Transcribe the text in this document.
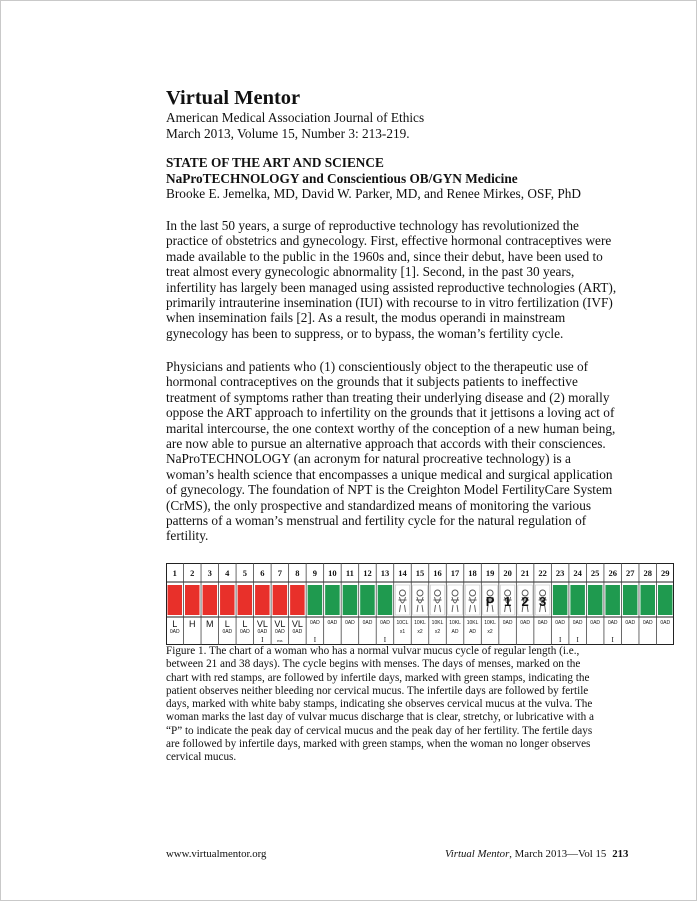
Virtual Mentor
American Medical Association Journal of Ethics
March 2013, Volume 15, Number 3: 213-219.
STATE OF THE ART AND SCIENCE
NaProTECHNOLOGY and Conscientious OB/GYN Medicine
Brooke E. Jemelka, MD, David W. Parker, MD, and Renee Mirkes, OSF, PhD
In the last 50 years, a surge of reproductive technology has revolutionized the
practice of obstetrics and gynecology. First, effective hormonal contraceptives were
made available to the public in the 1960s and, since their debut, have been used to
treat almost every gynecologic abnormality [1]. Second, in the past 30 years,
infertility has largely been managed using assisted reproductive technologies (ART),
primarily intrauterine insemination (IUI) with recourse to in vitro fertilization (IVF)
when insemination fails [2]. As a result, the modus operandi in mainstream
gynecology has been to suppress, or to bypass, the woman’s fertility cycle.
Physicians and patients who (1) conscientiously object to the therapeutic use of
hormonal contraceptives on the grounds that it subjects patients to ineffective
treatment of symptoms rather than treating their underlying disease and (2) morally
oppose the ART approach to infertility on the grounds that it jettisons a loving act of
marital intercourse, the one context worthy of the conception of a new human being,
are now able to pursue an alternative approach that accords with their consciences.
NaProTECHNOLOGY (an acronym for natural procreative technology) is a
woman’s health science that encompasses a unique medical and surgical application
of gynecology. The foundation of NPT is the Creighton Model FertilityCare System
(CrMS), the only prospective and standardized means of monitoring the various
patterns of a woman’s menstrual and fertility cycle for the natural regulation of
fertility.
1
L
0AD
2
H
3
M
4
L
0AD
5
L
0AD
6
VL
0AD
I
7
VL
0AD
ms
8
VL
0AD
9
0AD
I
10
0AD
11
0AD
12
0AD
13
0AD
I
14
10CL
x1
15
10KL
x2
16
10KL
x2
17
10KL
AD
18
10KL
AD
19
P
10KL
x2
20
1
0AD
21
2
0AD
22
3
0AD
23
0AD
I
24
0AD
I
25
0AD
26
0AD
I
27
0AD
28
0AD
29
0AD
Figure 1. The chart of a woman who has a normal vulvar mucus cycle of regular length (i.e.,
between 21 and 38 days). The cycle begins with menses. The days of menses, marked on the
chart with red stamps, are followed by infertile days, marked with green stamps, indicating the
patient observes neither bleeding nor cervical mucus. The infertile days are followed by fertile
days, marked with white baby stamps, indicating she observes cervical mucus at the vulva. The
woman marks the last day of vulvar mucus discharge that is clear, stretchy, or lubricative with a
“P” to indicate the peak day of cervical mucus and the peak day of her fertility. The fertile days
are followed by infertile days, marked with green stamps, when the woman no longer observes
cervical mucus.
www.virtualmentor.org	Virtual Mentor, March 2013—Vol 15 213
